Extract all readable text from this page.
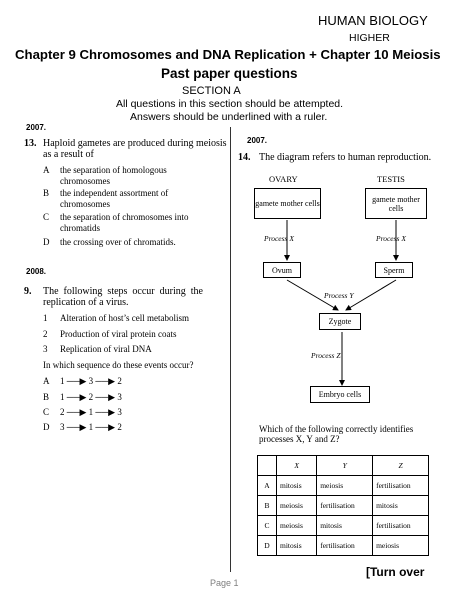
HUMAN BIOLOGY
HIGHER
Chapter 9 Chromosomes and DNA Replication + Chapter 10 Meiosis
Past paper questions
SECTION A
All questions in this section should be attempted.
Answers should be underlined with a ruler.
2007.
13. Haploid gametes are produced during meiosis
as a result of
A the separation of homologous
chromosomes
B the independent assortment of
chromosomes
C the separation of chromosomes into
chromatids
D the crossing over of chromatids.
2008.
9. The  following  steps  occur  during  the
replication of a virus.
1 Alteration of host’s cell metabolism
2 Production of viral protein coats
3 Replication of viral DNA
In which sequence do these events occur?
A 1 ──▶ 3 ──▶ 2
B 1 ──▶ 2 ──▶ 3
C 2 ──▶ 1 ──▶ 3
D 3 ──▶ 1 ──▶ 2
2007.
14. The diagram refers to human reproduction.
OVARY	TESTIS
gamete mother cells	gamete mother cells
Process X	Process X
Ovum	Sperm
Process Y
Zygote
Process Z
Embryo cells
Which of the following correctly identifies
processes X, Y and Z?
	X	Y	Z
A	mitosis	meiosis	fertilisation
B	meiosis	fertilisation	mitosis
C	meiosis	mitosis	fertilisation
D	mitosis	fertilisation	meiosis
[Turn over
Page 1
